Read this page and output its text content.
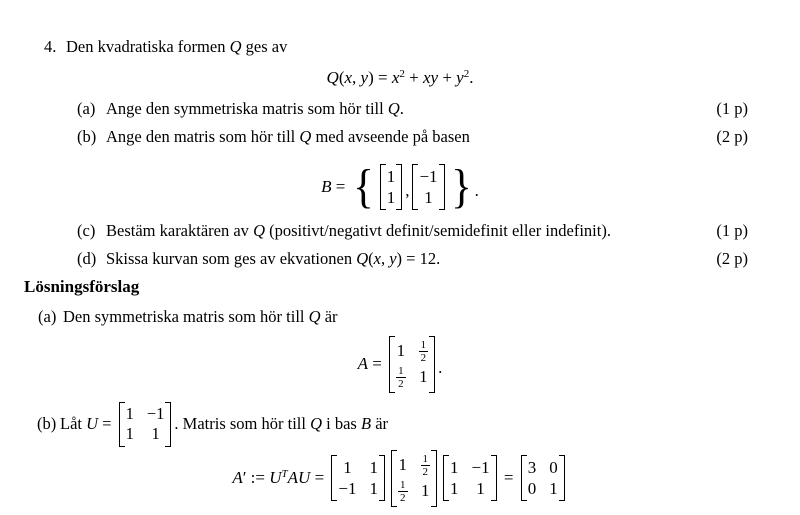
4. Den kvadratiska formen Q ges av
Q(x, $y) = x^2$ + xy + $y^2$.
(a) Ange den symmetriska matris som hör till Q.	(1 p)
(b) Ange den matris som hör till Q med avseende på basen	(2 p)
B = { 1
1 ,
−1
1 } .
(c) Bestäm karaktären av Q (positivt/negativt definit/semidefinit eller indefinit).	(1 p)
(d) Skissa kurvan som ges av ekvationen Q(x, y) = 12.	(2 p)
Lösningsförslag
(a) Den symmetriska matris som hör till Q är
A =
$1 \frac{1}{2}$
$\frac{1}{2} 1$ .
(b) Låt U =
1 −1
1 1
. Matris som hör till Q i bas B är
A′ := $U^TAU$ =
1 1
−1 1
$1 \frac{1}{2}$
$\frac{1}{2} 1$
1 −1
1 1
=
3 0
0 1
